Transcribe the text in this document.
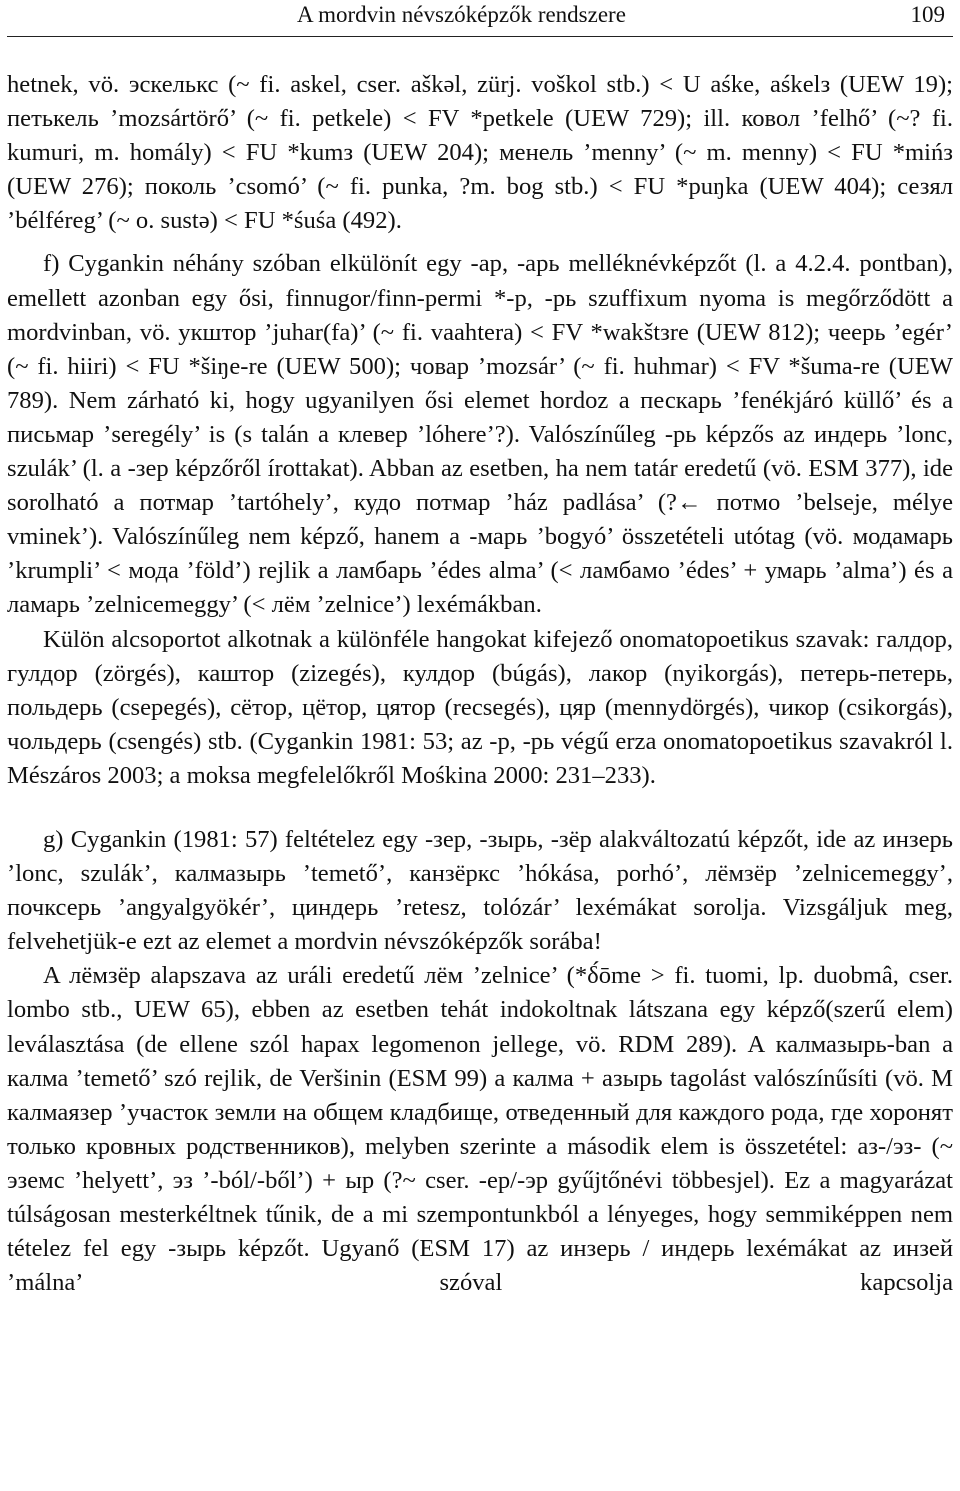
A mordvin névszóképzők rendszere	109

hetnek, vö. эскелькс (~ fi. askel, cser. aškəl, zürj. voškol stb.) < U aśke, aśkelз (UEW 19); петькель ’mozsártörő’ (~ fi. petkele) < FV *petkele (UEW 729); ill. ковол ’felhő’ (~? fi. kumuri, m. homály) < FU *kumз (UEW 204); менель ’menny’ (~ m. menny) < FU *mińз (UEW 276); поколь ’csomó’ (~ fi. punka, ?m. bog stb.) < FU *puŋka (UEW 404); сезял ’bélféreg’ (~ o. sustə) < FU *śuśa (492).

f) Cygankin néhány szóban elkülönít egy -ар, -арь melléknévképzőt (l. a 4.2.4. pontban), emellett azonban egy ősi, finnugor/finn-permi *-р, -рь szuffixum nyoma is megőrződött a mordvinban, vö. укштор ’juhar(fa)’ (~ fi. vaahtera) < FV *wakštзre (UEW 812); чеерь ’egér’ (~ fi. hiiri) < FU *šiŋe-re (UEW 500); човар ’mozsár’ (~ fi. huhmar) < FV *šuma-re (UEW 789). Nem zárható ki, hogy ugyanilyen ősi elemet hordoz a пескарь ’fenékjáró küllő’ és a письмар ’seregély’ is (s talán a клевер ’lóhere’?). Valószínűleg -рь képzős az индерь ’lonc, szulák’ (l. a -зер képzőről írottakat). Abban az esetben, ha nem tatár eredetű (vö. ESM 377), ide sorolható a потмар ’tartóhely’, кудо потмар ’ház padlása’ (?← потмо ’belseje, mélye vminek’). Valószínűleg nem képző, hanem a -марь ’bogyó’ összetételi utótag (vö. модамарь ’krumpli’ < мода ’föld’) rejlik a ламбарь ’édes alma’ (< ламбамо ’édes’ + умарь ’alma’) és a ламарь ’zelnicemeggy’ (< лём ’zelnice’) lexémákban.

Külön alcsoportot alkotnak a különféle hangokat kifejező onomatopoetikus szavak: галдор, гулдор (zörgés), каштор (zizegés), кулдор (búgás), лакор (nyikorgás), петерь-петерь, польдерь (csepegés), сётор, цётор, цятор (recsegés), цяр (mennydörgés), чикор (csikorgás), чольдерь (csengés) stb. (Cygankin 1981: 53; az -р, -рь végű erza onomatopoetikus szavakról l. Mészáros 2003; a moksa megfelelőkről Mośkina 2000: 231–233).

g) Cygankin (1981: 57) feltételez egy -зер, -зырь, -зёр alakváltozatú képzőt, ide az инзерь ’lonc, szulák’, калмазырь ’temető’, канзёркс ’hókása, porhó’, лёмзёр ’zelnicemeggy’, почксерь ’angyalgyökér’, циндерь ’retesz, tolózár’ lexémákat sorolja. Vizsgáljuk meg, felvehetjük-e ezt az elemet a mordvin névszóképzők sorába!

A лёмзёр alapszava az uráli eredetű лём ’zelnice’ (*δ́ōme > fi. tuomi, lp. duobmâ, cser. lombo stb., UEW 65), ebben az esetben tehát indokoltnak látszana egy képző(szerű elem) leválasztása (de ellene szól hapax legomenon jellege, vö. RDM 289). A калмазырь-ban a калма ’temető’ szó rejlik, de Veršinin (ESM 99) a калма + азырь tagolást valószínűsíti (vö. M калмаязер ’участок земли на общем кладбище, отведенный для каждого рода, где хоронят только кровных родственников), melyben szerinte a második elem is összetétel: аз-/эз- (~ эземс ’helyett’, эз ’-ból/-ből’) + ыр (?~ cser. -ер/-эр gyűjtőnévi többesjel). Ez a magyarázat túlságosan mesterkéltnek tűnik, de a mi szempontunkból a lényeges, hogy semmiképpen nem tételez fel egy -зырь képzőt. Ugyanő (ESM 17) az инзерь / индерь lexémákat az инзей ’málna’ szóval kapcsolja
